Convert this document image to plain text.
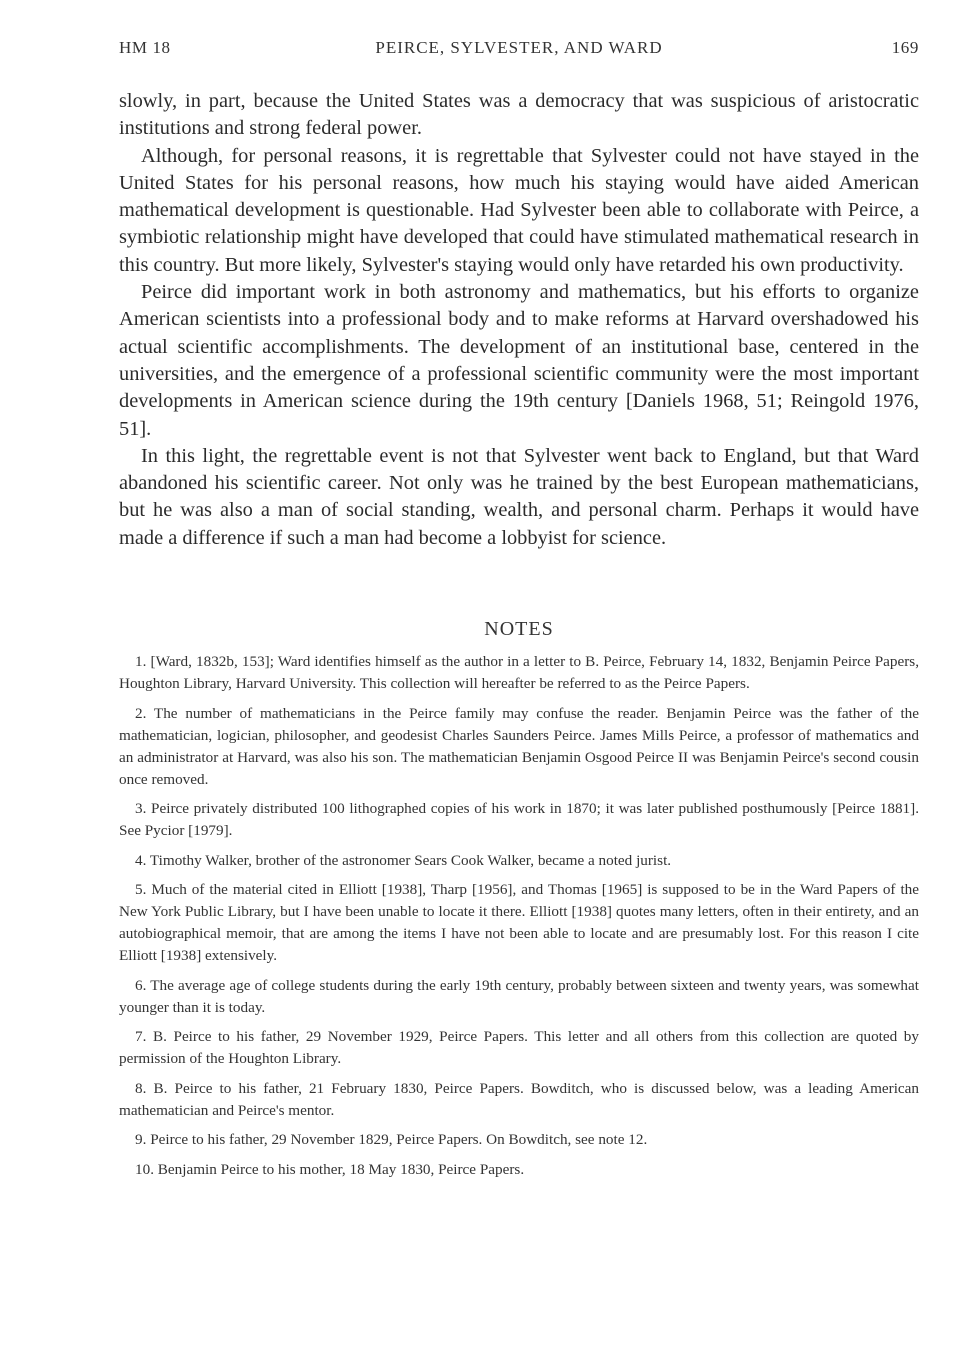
HM 18	PEIRCE, SYLVESTER, AND WARD	169

slowly, in part, because the United States was a democracy that was suspicious of aristocratic institutions and strong federal power.

Although, for personal reasons, it is regrettable that Sylvester could not have stayed in the United States for his personal reasons, how much his staying would have aided American mathematical development is questionable. Had Sylvester been able to collaborate with Peirce, a symbiotic relationship might have developed that could have stimulated mathematical research in this country. But more likely, Sylvester's staying would only have retarded his own productivity.

Peirce did important work in both astronomy and mathematics, but his efforts to organize American scientists into a professional body and to make reforms at Harvard overshadowed his actual scientific accomplishments. The development of an institutional base, centered in the universities, and the emergence of a professional scientific community were the most important developments in American science during the 19th century [Daniels 1968, 51; Reingold 1976, 51].

In this light, the regrettable event is not that Sylvester went back to England, but that Ward abandoned his scientific career. Not only was he trained by the best European mathematicians, but he was also a man of social standing, wealth, and personal charm. Perhaps it would have made a difference if such a man had become a lobbyist for science.

NOTES

1. [Ward, 1832b, 153]; Ward identifies himself as the author in a letter to B. Peirce, February 14, 1832, Benjamin Peirce Papers, Houghton Library, Harvard University. This collection will hereafter be referred to as the Peirce Papers.

2. The number of mathematicians in the Peirce family may confuse the reader. Benjamin Peirce was the father of the mathematician, logician, philosopher, and geodesist Charles Saunders Peirce. James Mills Peirce, a professor of mathematics and an administrator at Harvard, was also his son. The mathematician Benjamin Osgood Peirce II was Benjamin Peirce's second cousin once removed.

3. Peirce privately distributed 100 lithographed copies of his work in 1870; it was later published posthumously [Peirce 1881]. See Pycior [1979].

4. Timothy Walker, brother of the astronomer Sears Cook Walker, became a noted jurist.

5. Much of the material cited in Elliott [1938], Tharp [1956], and Thomas [1965] is supposed to be in the Ward Papers of the New York Public Library, but I have been unable to locate it there. Elliott [1938] quotes many letters, often in their entirety, and an autobiographical memoir, that are among the items I have not been able to locate and are presumably lost. For this reason I cite Elliott [1938] extensively.

6. The average age of college students during the early 19th century, probably between sixteen and twenty years, was somewhat younger than it is today.

7. B. Peirce to his father, 29 November 1929, Peirce Papers. This letter and all others from this collection are quoted by permission of the Houghton Library.

8. B. Peirce to his father, 21 February 1830, Peirce Papers. Bowditch, who is discussed below, was a leading American mathematician and Peirce's mentor.

9. Peirce to his father, 29 November 1829, Peirce Papers. On Bowditch, see note 12.

10. Benjamin Peirce to his mother, 18 May 1830, Peirce Papers.
